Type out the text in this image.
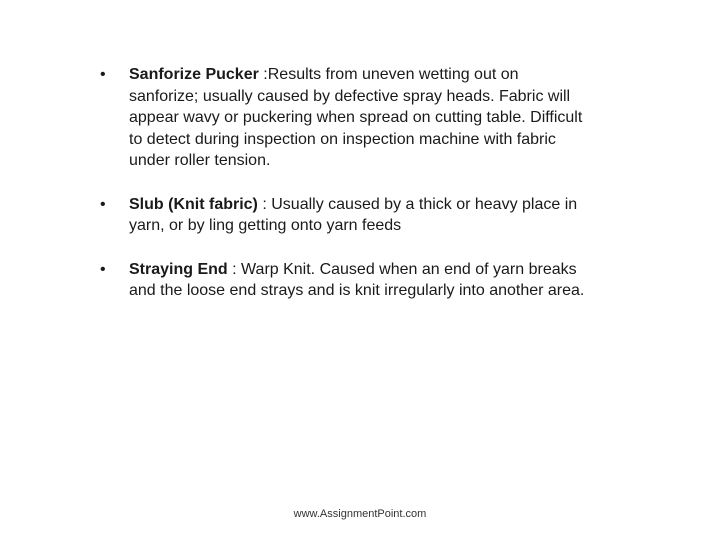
•	Sanforize Pucker :Results from uneven wetting out on sanforize; usually caused by defective spray heads. Fabric will appear wavy or puckering when spread on cutting table. Difficult to detect during inspection on inspection machine with fabric under roller tension.
•	Slub (Knit fabric) : Usually caused by a thick or heavy place in yarn, or by ling getting onto yarn feeds
•	Straying End : Warp Knit. Caused when an end of yarn breaks and the loose end strays and is knit irregularly into another area.
www.AssignmentPoint.com
